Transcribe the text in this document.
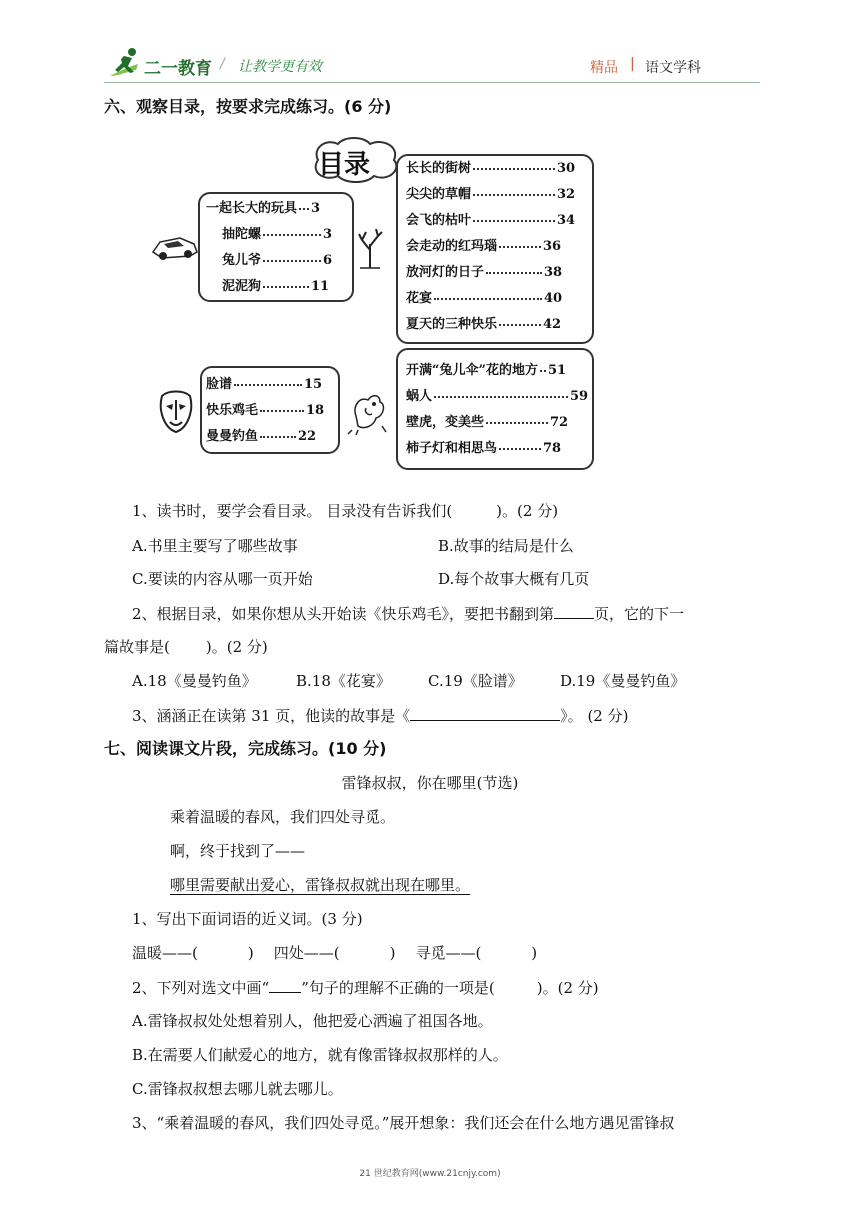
二一教育 / 让教学更有效	精品 | 语文学科
六、观察目录，按要求完成练习。(6 分)
目录
一起长大的玩具 3
抽陀螺	3
兔儿爷	6
泥泥狗	11
长长的街树	30
尖尖的草帽	32
会飞的枯叶	34
会走动的红玛瑙	36
放河灯的日子	38
花宴	40
夏天的三种快乐	42
脸谱	15
快乐鸡毛	18
曼曼钓鱼	22
开满“兔儿伞”花的地方 51
蜗人	59
壁虎，变美些	72
柿子灯和相思鸟	78
1、读书时，要学会看目录。 目录没有告诉我们(	)。(2 分)
A.书里主要写了哪些故事	B.故事的结局是什么
C.要读的内容从哪一页开始	D.每个故事大概有几页
2、根据目录，如果你想从头开始读《快乐鸡毛》，要把书翻到第	页，它的下一
篇故事是( )。(2 分)
A.18《曼曼钓鱼》	B.18《花宴》 C.19《脸谱》 D.19《曼曼钓鱼》
3、涵涵正在读第 31 页，他读的故事是《	》。 (2 分)
七、阅读课文片段，完成练习。(10 分)
雷锋叔叔，你在哪里(节选)
乘着温暖的春风，我们四处寻觅。
啊，终于找到了——
哪里需要献出爱心，雷锋叔叔就出现在哪里。
1、写出下面词语的近义词。(3 分)
温暖——(	) 四处——(	) 寻觅——(	)
2、下列对选文中画“ ”句子的理解不正确的一项是(	)。(2 分)
A.雷锋叔叔处处想着别人，他把爱心洒遍了祖国各地。
B.在需要人们献爱心的地方，就有像雷锋叔叔那样的人。
C.雷锋叔叔想去哪儿就去哪儿。
3、“乘着温暖的春风，我们四处寻觅。”展开想象：我们还会在什么地方遇见雷锋叔
21 世纪教育网(www.21cnjy.com)
